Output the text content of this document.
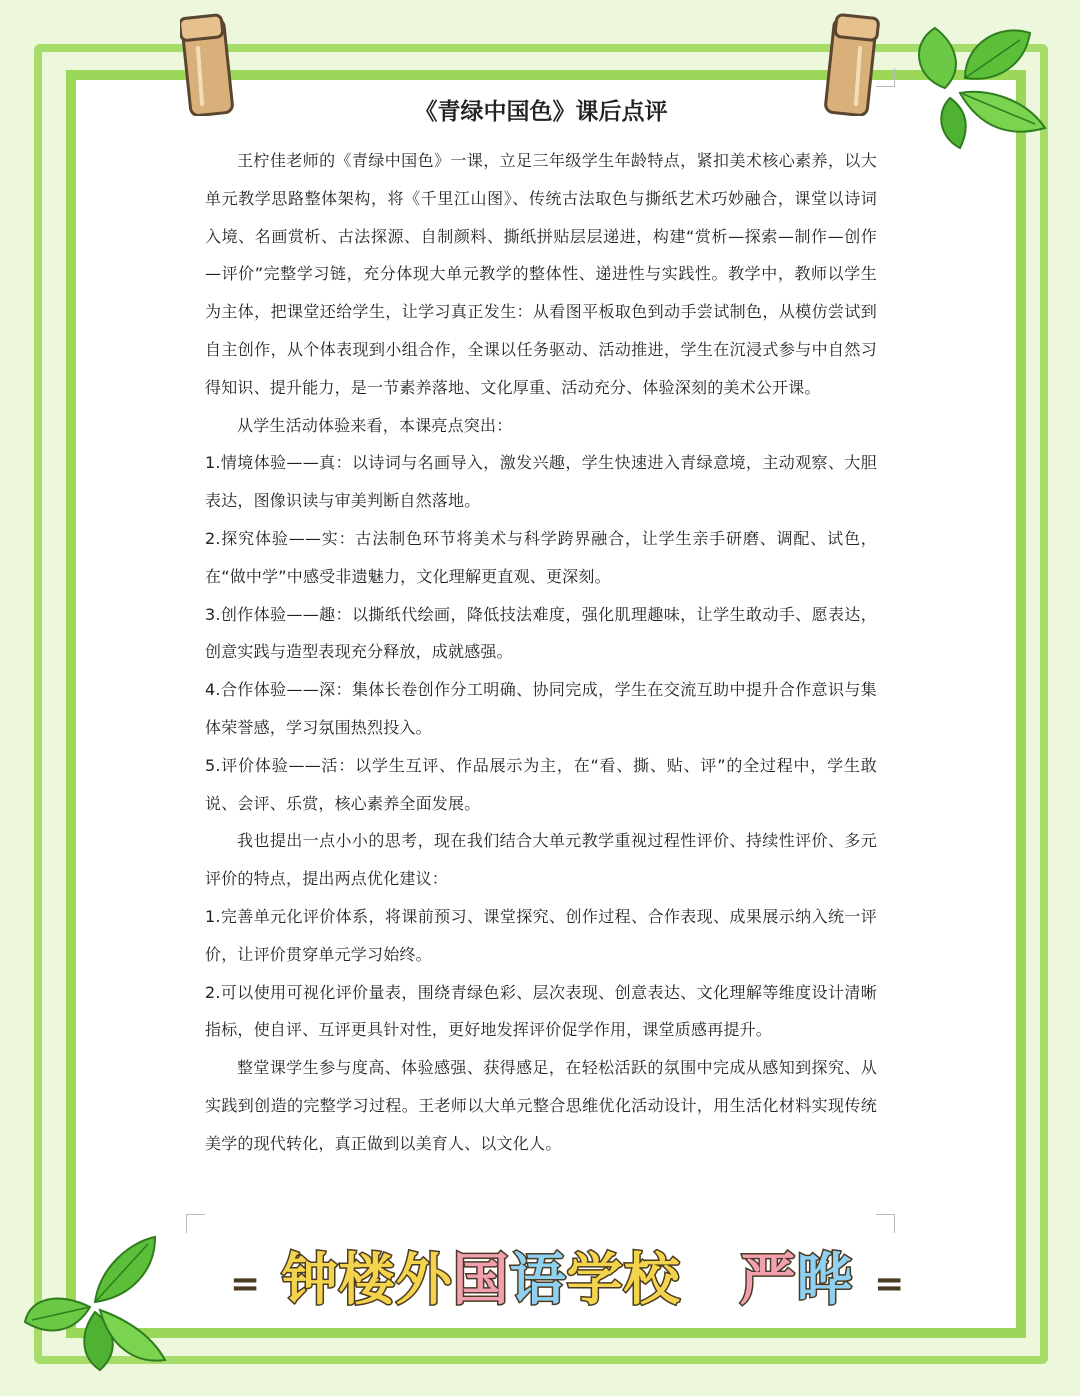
《青绿中国色》课后点评

王柠佳老师的《青绿中国色》一课，立足三年级学生年龄特点，紧扣美术核心素养，以大单元教学思路整体架构，将《千里江山图》、传统古法取色与撕纸艺术巧妙融合，课堂以诗词入境、名画赏析、古法探源、自制颜料、撕纸拼贴层层递进，构建“赏析—探索—制作—创作—评价”完整学习链，充分体现大单元教学的整体性、递进性与实践性。教学中，教师以学生为主体，把课堂还给学生，让学习真正发生：从看图平板取色到动手尝试制色，从模仿尝试到自主创作，从个体表现到小组合作，全课以任务驱动、活动推进，学生在沉浸式参与中自然习得知识、提升能力，是一节素养落地、文化厚重、活动充分、体验深刻的美术公开课。

从学生活动体验来看，本课亮点突出：

1.情境体验——真：以诗词与名画导入，激发兴趣，学生快速进入青绿意境，主动观察、大胆表达，图像识读与审美判断自然落地。

2.探究体验——实：古法制色环节将美术与科学跨界融合，让学生亲手研磨、调配、试色，在“做中学”中感受非遗魅力，文化理解更直观、更深刻。

3.创作体验——趣：以撕纸代绘画，降低技法难度，强化肌理趣味，让学生敢动手、愿表达，创意实践与造型表现充分释放，成就感强。

4.合作体验——深：集体长卷创作分工明确、协同完成，学生在交流互助中提升合作意识与集体荣誉感，学习氛围热烈投入。

5.评价体验——活：以学生互评、作品展示为主，在“看、撕、贴、评”的全过程中，学生敢说、会评、乐赏，核心素养全面发展。

我也提出一点小小的思考，现在我们结合大单元教学重视过程性评价、持续性评价、多元评价的特点，提出两点优化建议：

1.完善单元化评价体系，将课前预习、课堂探究、创作过程、合作表现、成果展示纳入统一评价，让评价贯穿单元学习始终。

2.可以使用可视化评价量表，围绕青绿色彩、层次表现、创意表达、文化理解等维度设计清晰指标，使自评、互评更具针对性，更好地发挥评价促学作用，课堂质感再提升。

整堂课学生参与度高、体验感强、获得感足，在轻松活跃的氛围中完成从感知到探究、从实践到创造的完整学习过程。王老师以大单元整合思维优化活动设计，用生活化材料实现传统美学的现代转化，真正做到以美育人、以文化人。

= 钟楼外国语学校 严晔 =
